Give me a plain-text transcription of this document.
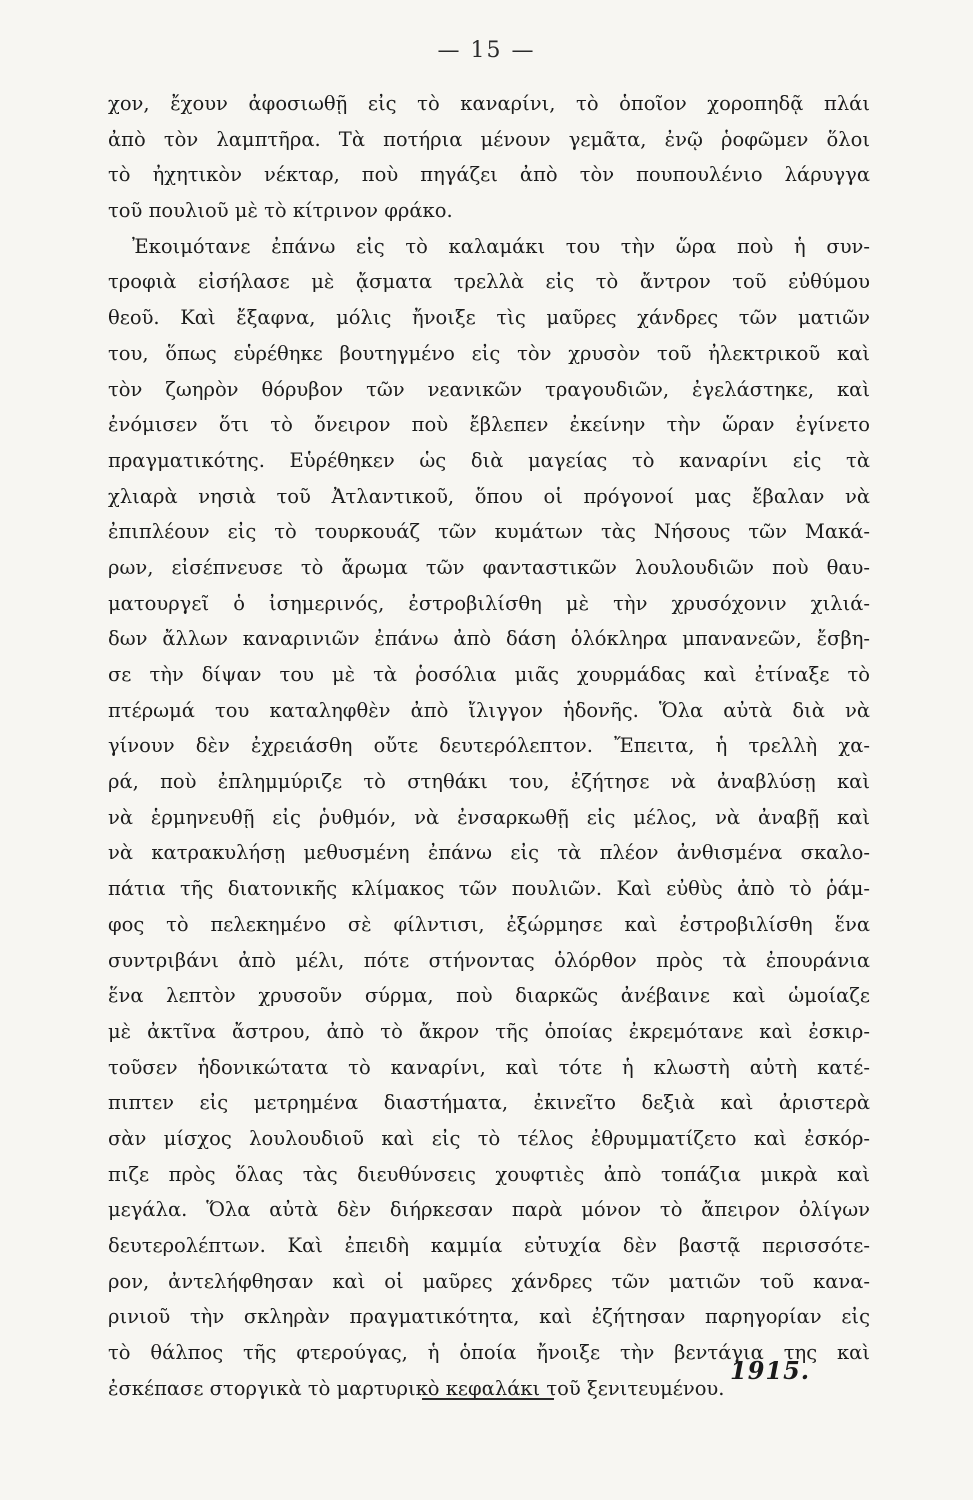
— 15 —
χον, ἔχουν ἀφοσιωθῇ εἰς τὸ καναρίνι, τὸ ὁποῖον χοροπηδᾷ πλάι
ἀπὸ τὸν λαμπτῆρα. Τὰ ποτήρια μένουν γεμᾶτα, ἐνῷ ῥοφῶμεν ὅλοι
τὸ ἠχητικὸν νέκταρ, ποὺ πηγάζει ἀπὸ τὸν πουπουλένιο λάρυγγα
τοῦ πουλιοῦ μὲ τὸ κίτρινον φράκο.
Ἐκοιμότανε ἐπάνω εἰς τὸ καλαμάκι του τὴν ὥρα ποὺ ἡ συν-
τροφιὰ εἰσήλασε μὲ ᾄσματα τρελλὰ εἰς τὸ ἄντρον τοῦ εὐθύμου
θεοῦ. Καὶ ἔξαφνα, μόλις ἤνοιξε τὶς μαῦρες χάνδρες τῶν ματιῶν
του, ὅπως εὑρέθηκε βουτηγμένο εἰς τὸν χρυσὸν τοῦ ἠλεκτρικοῦ καὶ
τὸν ζωηρὸν θόρυβον τῶν νεανικῶν τραγουδιῶν, ἐγελάστηκε, καὶ
ἐνόμισεν ὅτι τὸ ὄνειρον ποὺ ἔβλεπεν ἐκείνην τὴν ὥραν ἐγίνετο
πραγματικότης. Εὑρέθηκεν ὡς διὰ μαγείας τὸ καναρίνι εἰς τὰ
χλιαρὰ νησιὰ τοῦ Ἀτλαντικοῦ, ὅπου οἱ πρόγονοί μας ἔβαλαν νὰ
ἐπιπλέουν εἰς τὸ τουρκουάζ τῶν κυμάτων τὰς Νήσους τῶν Μακά-
ρων, εἰσέπνευσε τὸ ἄρωμα τῶν φανταστικῶν λουλουδιῶν ποὺ θαυ-
ματουργεῖ ὁ ἰσημερινός, ἐστροβιλίσθη μὲ τὴν χρυσόχονιν χιλιά-
δων ἄλλων καναρινιῶν ἐπάνω ἀπὸ δάση ὁλόκληρα μπανανεῶν, ἔσβη-
σε τὴν δίψαν του μὲ τὰ ῥοσόλια μιᾶς χουρμάδας καὶ ἐτίναξε τὸ
πτέρωμά του καταληφθὲν ἀπὸ ἴλιγγον ἡδονῆς. Ὅλα αὐτὰ διὰ νὰ
γίνουν δὲν ἐχρειάσθη οὔτε δευτερόλεπτον. Ἔπειτα, ἡ τρελλὴ χα-
ρά, ποὺ ἐπλημμύριζε τὸ στηθάκι του, ἐζήτησε νὰ ἀναβλύσῃ καὶ
νὰ ἑρμηνευθῇ εἰς ῥυθμόν, νὰ ἐνσαρκωθῇ εἰς μέλος, νὰ ἀναβῇ καὶ
νὰ κατρακυλήσῃ μεθυσμένη ἐπάνω εἰς τὰ πλέον ἀνθισμένα σκαλο-
πάτια τῆς διατονικῆς κλίμακος τῶν πουλιῶν. Καὶ εὐθὺς ἀπὸ τὸ ῥάμ-
φος τὸ πελεκημένο σὲ φίλντισι, ἐξώρμησε καὶ ἐστροβιλίσθη ἕνα
συντριβάνι ἀπὸ μέλι, πότε στήνοντας ὁλόρθον πρὸς τὰ ἐπουράνια
ἕνα λεπτὸν χρυσοῦν σύρμα, ποὺ διαρκῶς ἀνέβαινε καὶ ὡμοίαζε
μὲ ἀκτῖνα ἄστρου, ἀπὸ τὸ ἄκρον τῆς ὁποίας ἐκρεμότανε καὶ ἐσκιρ-
τοῦσεν ἡδονικώτατα τὸ καναρίνι, καὶ τότε ἡ κλωστὴ αὐτὴ κατέ-
πιπτεν εἰς μετρημένα διαστήματα, ἐκινεῖτο δεξιὰ καὶ ἀριστερὰ
σὰν μίσχος λουλουδιοῦ καὶ εἰς τὸ τέλος ἐθρυμματίζετο καὶ ἐσκόρ-
πιζε πρὸς ὅλας τὰς διευθύνσεις χουφτιὲς ἀπὸ τοπάζια μικρὰ καὶ
μεγάλα. Ὅλα αὐτὰ δὲν διήρκεσαν παρὰ μόνον τὸ ἄπειρον ὀλίγων
δευτερολέπτων. Καὶ ἐπειδὴ καμμία εὐτυχία δὲν βαστᾷ περισσότε-
ρον, ἀντελήφθησαν καὶ οἱ μαῦρες χάνδρες τῶν ματιῶν τοῦ κανα-
ρινιοῦ τὴν σκληρὰν πραγματικότητα, καὶ ἐζήτησαν παρηγορίαν εἰς
τὸ θάλπος τῆς φτερούγας, ἡ ὁποία ἤνοιξε τὴν βεντάγια της καὶ
ἐσκέπασε στοργικὰ τὸ μαρτυρικὸ κεφαλάκι τοῦ ξενιτευμένου.
1915.
